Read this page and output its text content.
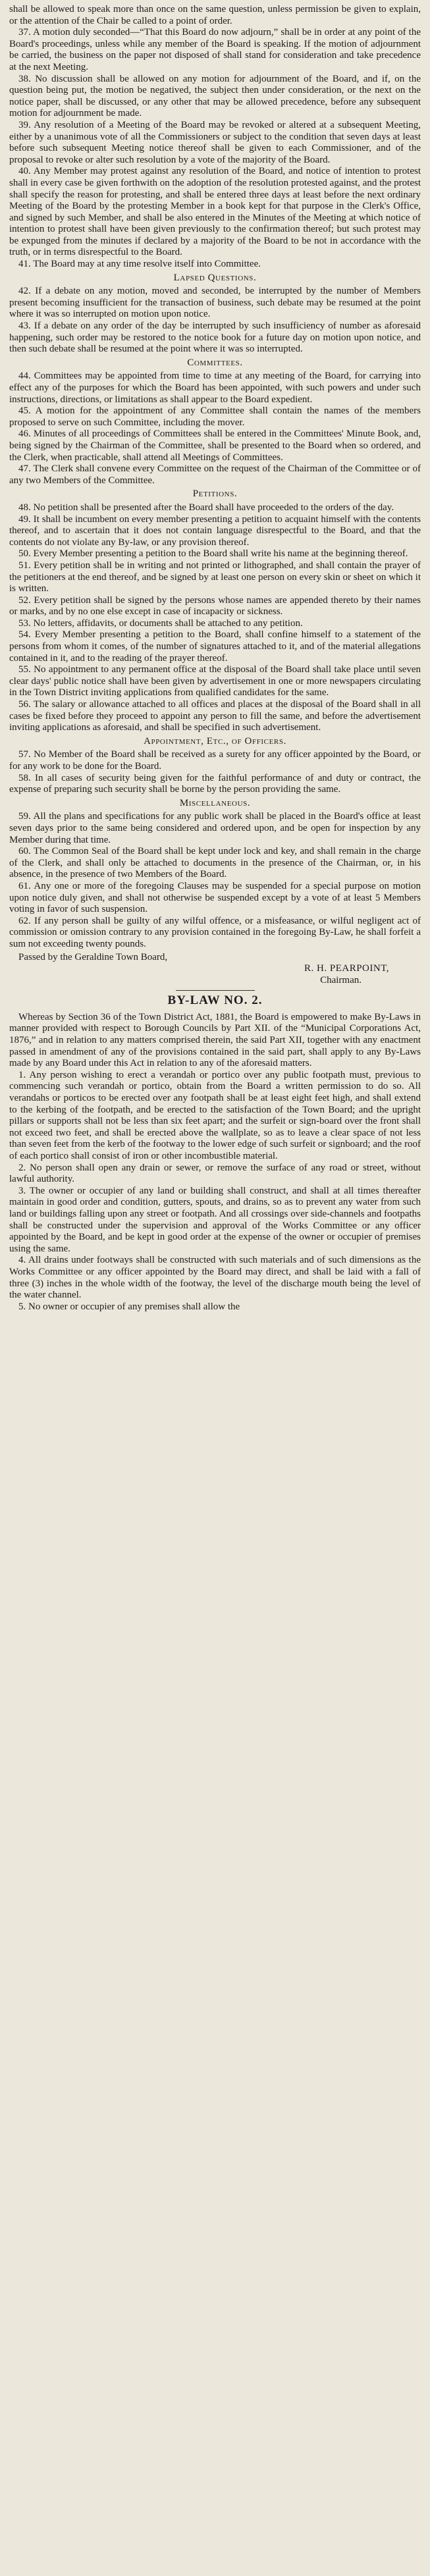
shall be allowed to speak more than once on the same question, unless permission be given to explain, or the attention of the Chair be called to a point of order.

37. A motion duly seconded—“That this Board do now adjourn,” shall be in order at any point of the Board's proceedings, unless while any member of the Board is speaking. If the motion of adjournment be carried, the business on the paper not disposed of shall stand for consideration and take precedence at the next Meeting.

38. No discussion shall be allowed on any motion for adjournment of the Board, and if, on the question being put, the motion be negatived, the subject then under consideration, or the next on the notice paper, shall be discussed, or any other that may be allowed precedence, before any subsequent motion for adjournment be made.

39. Any resolution of a Meeting of the Board may be revoked or altered at a subsequent Meeting, either by a unanimous vote of all the Commissioners or subject to the condition that seven days at least before such subsequent Meeting notice thereof shall be given to each Commissioner, and of the proposal to revoke or alter such resolution by a vote of the majority of the Board.

40. Any Member may protest against any resolution of the Board, and notice of intention to protest shall in every case be given forthwith on the adoption of the resolution protested against, and the protest shall specify the reason for protesting, and shall be entered three days at least before the next ordinary Meeting of the Board by the protesting Member in a book kept for that purpose in the Clerk's Office, and signed by such Member, and shall be also entered in the Minutes of the Meeting at which notice of intention to protest shall have been given previously to the confirmation thereof; but such protest may be expunged from the minutes if declared by a majority of the Board to be not in accordance with the truth, or in terms disrespectful to the Board.

41. The Board may at any time resolve itself into Committee.

Lapsed Questions.

42. If a debate on any motion, moved and seconded, be interrupted by the number of Members present becoming insufficient for the transaction of business, such debate may be resumed at the point where it was so interrupted on motion upon notice.

43. If a debate on any order of the day be interrupted by such insufficiency of number as aforesaid happening, such order may be restored to the notice book for a future day on motion upon notice, and then such debate shall be resumed at the point where it was so interrupted.

Committees.

44. Committees may be appointed from time to time at any meeting of the Board, for carrying into effect any of the purposes for which the Board has been appointed, with such powers and under such instructions, directions, or limitations as shall appear to the Board expedient.

45. A motion for the appointment of any Committee shall contain the names of the members proposed to serve on such Committee, including the mover.

46. Minutes of all proceedings of Committees shall be entered in the Committees' Minute Book, and, being signed by the Chairman of the Committee, shall be presented to the Board when so ordered, and the Clerk, when practicable, shall attend all Meetings of Committees.

47. The Clerk shall convene every Committee on the request of the Chairman of the Committee or of any two Members of the Committee.

Petitions.

48. No petition shall be presented after the Board shall have proceeded to the orders of the day.

49. It shall be incumbent on every member presenting a petition to acquaint himself with the contents thereof, and to ascertain that it does not contain language disrespectful to the Board, and that the contents do not violate any By-law, or any provision thereof.

50. Every Member presenting a petition to the Board shall write his name at the beginning thereof.

51. Every petition shall be in writing and not printed or lithographed, and shall contain the prayer of the petitioners at the end thereof, and be signed by at least one person on every skin or sheet on which it is written.

52. Every petition shall be signed by the persons whose names are appended thereto by their names or marks, and by no one else except in case of incapacity or sickness.

53. No letters, affidavits, or documents shall be attached to any petition.

54. Every Member presenting a petition to the Board, shall confine himself to a statement of the persons from whom it comes, of the number of signatures attached to it, and of the material allegations contained in it, and to the reading of the prayer thereof.

55. No appointment to any permanent office at the disposal of the Board shall take place until seven clear days' public notice shall have been given by advertisement in one or more newspapers circulating in the Town District inviting applications from qualified candidates for the same.

56. The salary or allowance attached to all offices and places at the disposal of the Board shall in all cases be fixed before they proceed to appoint any person to fill the same, and before the advertisement inviting applications as aforesaid, and shall be specified in such advertisement.

Appointment, Etc., of Officers.

57. No Member of the Board shall be received as a surety for any officer appointed by the Board, or for any work to be done for the Board.

58. In all cases of security being given for the faithful performance of and duty or contract, the expense of preparing such security shall be borne by the person providing the same.

Miscellaneous.

59. All the plans and specifications for any public work shall be placed in the Board's office at least seven days prior to the same being considered and ordered upon, and be open for inspection by any Member during that time.

60. The Common Seal of the Board shall be kept under lock and key, and shall remain in the charge of the Clerk, and shall only be attached to documents in the presence of the Chairman, or, in his absence, in the presence of two Members of the Board.

61. Any one or more of the foregoing Clauses may be suspended for a special purpose on motion upon notice duly given, and shall not otherwise be suspended except by a vote of at least 5 Members voting in favor of such suspension.

62. If any person shall be guilty of any wilful offence, or a misfeasance, or wilful negligent act of commission or omission contrary to any provision contained in the foregoing By-Law, he shall forfeit a sum not exceeding twenty pounds.

Passed by the Geraldine Town Board,

R. H. PEARPOINT,

Chairman.

BY-LAW NO. 2.

Whereas by Section 36 of the Town District Act, 1881, the Board is empowered to make By-Laws in manner provided with respect to Borough Councils by Part XII. of the “Municipal Corporations Act, 1876,” and in relation to any matters comprised therein, the said Part XII, together with any enactment passed in amendment of any of the provisions contained in the said part, shall apply to any By-Laws made by any Board under this Act in relation to any of the aforesaid matters.

1. Any person wishing to erect a verandah or portico over any public footpath must, previous to commencing such verandah or portico, obtain from the Board a written permission to do so. All verandahs or porticos to be erected over any footpath shall be at least eight feet high, and shall extend to the kerbing of the footpath, and be erected to the satisfaction of the Town Board; and the upright pillars or supports shall not be less than six feet apart; and the surfeit or sign-board over the front shall not exceed two feet, and shall be erected above the wallplate, so as to leave a clear space of not less than seven feet from the kerb of the footway to the lower edge of such surfeit or signboard; and the roof of each portico shall consist of iron or other incombustible material.

2. No person shall open any drain or sewer, or remove the surface of any road or street, without lawful authority.

3. The owner or occupier of any land or building shall construct, and shall at all times thereafter maintain in good order and condition, gutters, spouts, and drains, so as to prevent any water from such land or buildings falling upon any street or footpath. And all crossings over side-channels and footpaths shall be constructed under the supervision and approval of the Works Committee or any officer appointed by the Board, and be kept in good order at the expense of the owner or occupier of premises using the same.

4. All drains under footways shall be constructed with such materials and of such dimensions as the Works Committee or any officer appointed by the Board may direct, and shall be laid with a fall of three (3) inches in the whole width of the footway, the level of the discharge mouth being the level of the water channel.

5. No owner or occupier of any premises shall allow the
